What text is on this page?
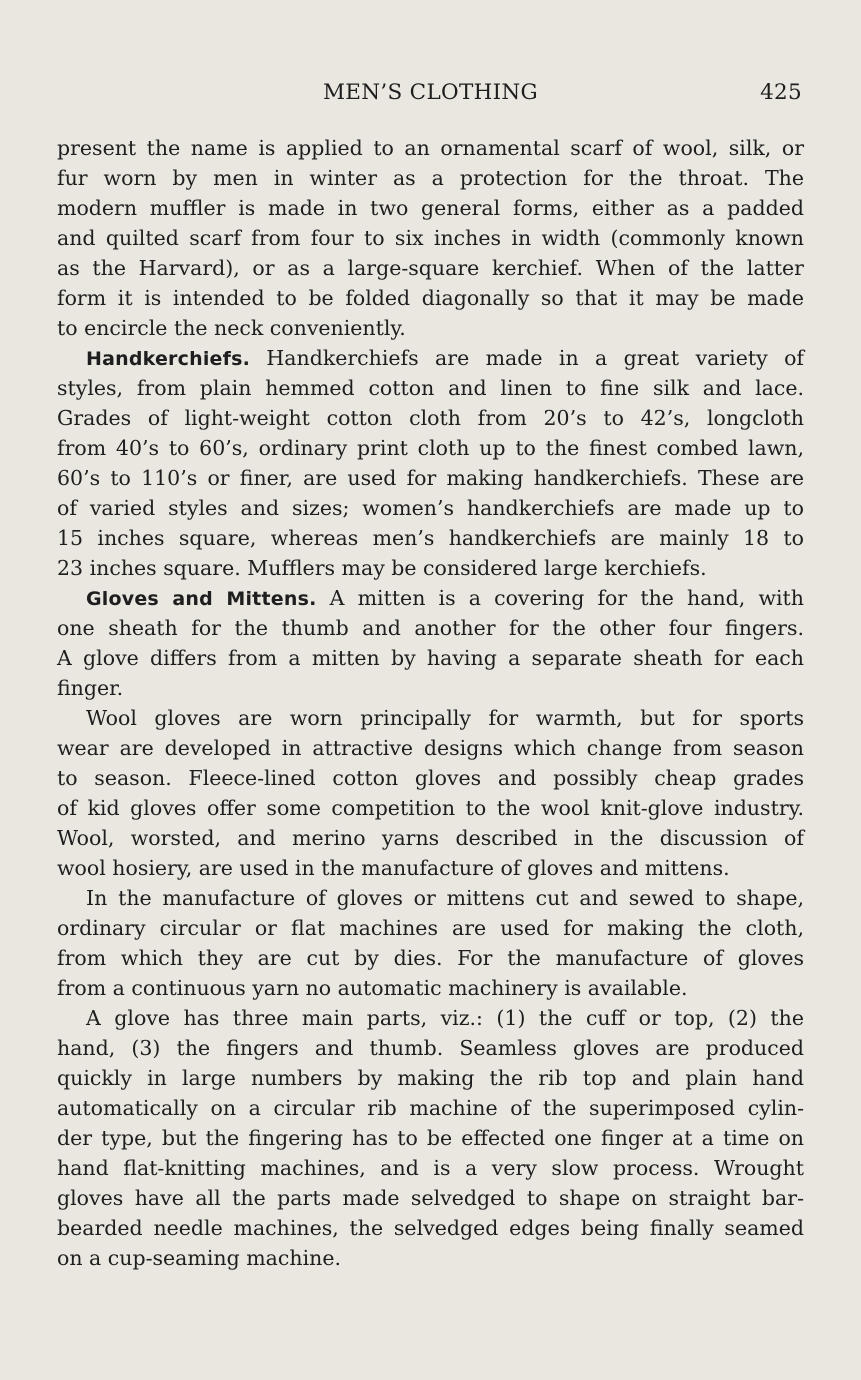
MEN’S CLOTHING	425
present the name is applied to an ornamental scarf of wool, silk, or
fur worn by men in winter as a protection for the throat. The
modern muffler is made in two general forms, either as a padded
and quilted scarf from four to six inches in width (commonly known
as the Harvard), or as a large-square kerchief. When of the latter
form it is intended to be folded diagonally so that it may be made
to encircle the neck conveniently.
Handkerchiefs. Handkerchiefs are made in a great variety of
styles, from plain hemmed cotton and linen to fine silk and lace.
Grades of light-weight cotton cloth from 20’s to 42’s, longcloth
from 40’s to 60’s, ordinary print cloth up to the finest combed lawn,
60’s to 110’s or finer, are used for making handkerchiefs. These are
of varied styles and sizes; women’s handkerchiefs are made up to
15 inches square, whereas men’s handkerchiefs are mainly 18 to
23 inches square. Mufflers may be considered large kerchiefs.
Gloves and Mittens. A mitten is a covering for the hand, with
one sheath for the thumb and another for the other four fingers.
A glove differs from a mitten by having a separate sheath for each
finger.
Wool gloves are worn principally for warmth, but for sports
wear are developed in attractive designs which change from season
to season. Fleece-lined cotton gloves and possibly cheap grades
of kid gloves offer some competition to the wool knit-glove industry.
Wool, worsted, and merino yarns described in the discussion of
wool hosiery, are used in the manufacture of gloves and mittens.
In the manufacture of gloves or mittens cut and sewed to shape,
ordinary circular or flat machines are used for making the cloth,
from which they are cut by dies. For the manufacture of gloves
from a continuous yarn no automatic machinery is available.
A glove has three main parts, viz.: (1) the cuff or top, (2) the
hand, (3) the fingers and thumb. Seamless gloves are produced
quickly in large numbers by making the rib top and plain hand
automatically on a circular rib machine of the superimposed cylin-
der type, but the fingering has to be effected one finger at a time on
hand flat-knitting machines, and is a very slow process. Wrought
gloves have all the parts made selvedged to shape on straight bar-
bearded needle machines, the selvedged edges being finally seamed
on a cup-seaming machine.
